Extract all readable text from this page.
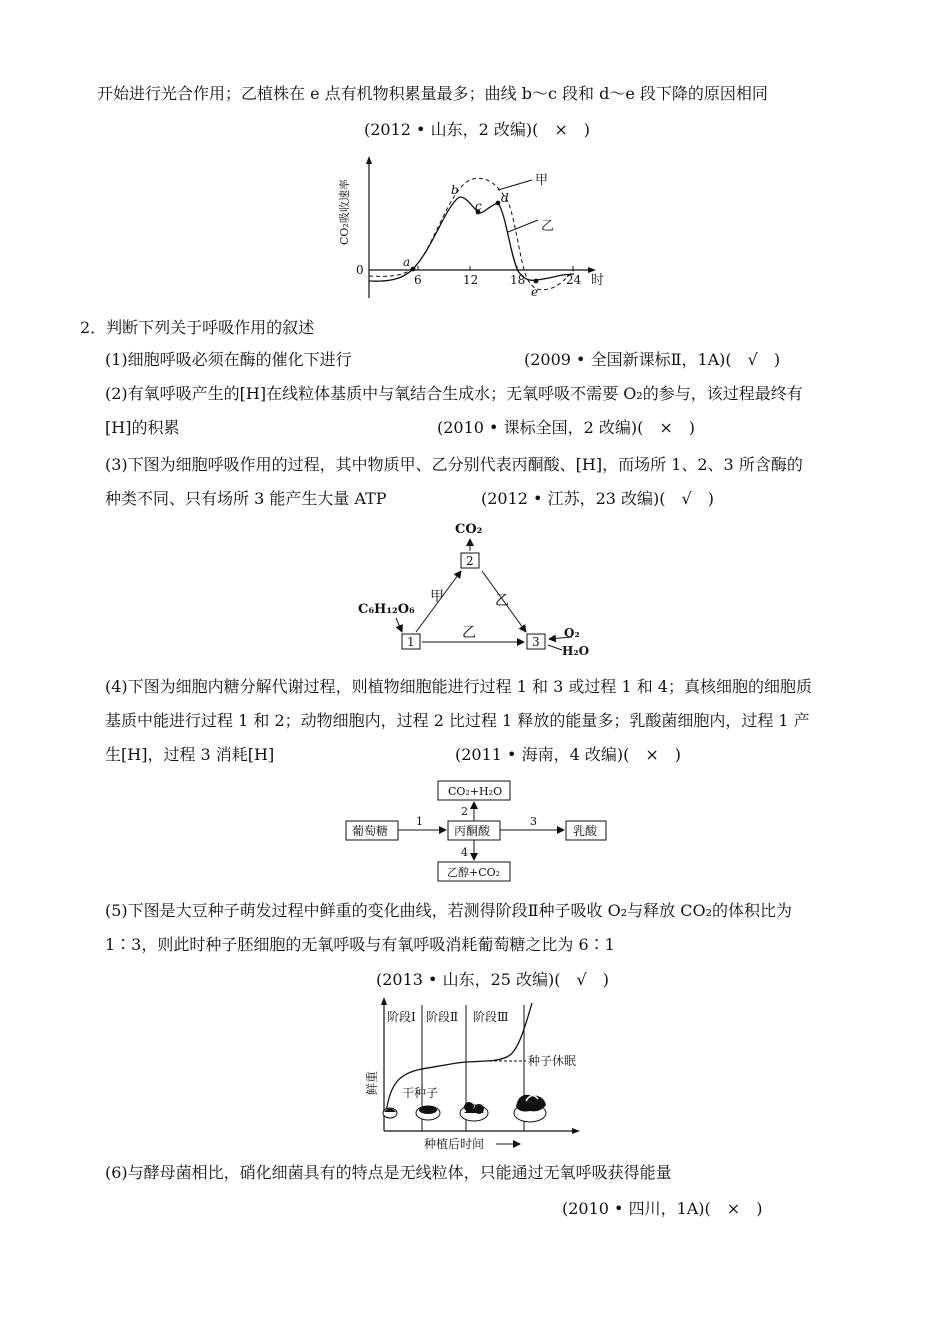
开始进行光合作用；乙植株在 e 点有机物积累量最多；曲线 b～c 段和 d～e 段下降的原因相同
(2012 • 山东，2 改编)(　×　)
CO₂吸收速率
0
6	12	18	24 时
a
b
c
d
e
甲
乙
2．判断下列关于呼吸作用的叙述
(1)细胞呼吸必须在酶的催化下进行	(2009 • 全国新课标Ⅱ，1A)(　√　)
(2)有氧呼吸产生的[H]在线粒体基质中与氧结合生成水；无氧呼吸不需要 O₂的参与，该过程最终有
[H]的积累	(2010 • 课标全国，2 改编)(　×　)
(3)下图为细胞呼吸作用的过程，其中物质甲、乙分别代表丙酮酸、[H]，而场所 1、2、3 所含酶的
种类不同、只有场所 3 能产生大量 ATP	(2012 • 江苏，23 改编)(　√　)
CO₂
2
C₆H₁₂O₆
1	3
甲	乙
乙	O₂
H₂O
(4)下图为细胞内糖分解代谢过程，则植物细胞能进行过程 1 和 3 或过程 1 和 4；真核细胞的细胞质
基质中能进行过程 1 和 2；动物细胞内，过程 2 比过程 1 释放的能量多；乳酸菌细胞内，过程 1 产
生[H]，过程 3 消耗[H]	(2011 • 海南，4 改编)(　×　)
CO₂+H₂O
葡萄糖	丙酮酸	乳酸
乙醇+CO₂
1
2
3
4
(5)下图是大豆种子萌发过程中鲜重的变化曲线，若测得阶段Ⅱ种子吸收 O₂与释放 CO₂的体积比为
1∶3，则此时种子胚细胞的无氧呼吸与有氧呼吸消耗葡萄糖之比为 6∶1
(2013 • 山东，25 改编)(　√　)
阶段Ⅰ 阶段Ⅱ 阶段Ⅲ
种子休眠
鲜重 干种子
种植后时间
(6)与酵母菌相比，硝化细菌具有的特点是无线粒体，只能通过无氧呼吸获得能量
(2010 • 四川，1A)(　×　)
